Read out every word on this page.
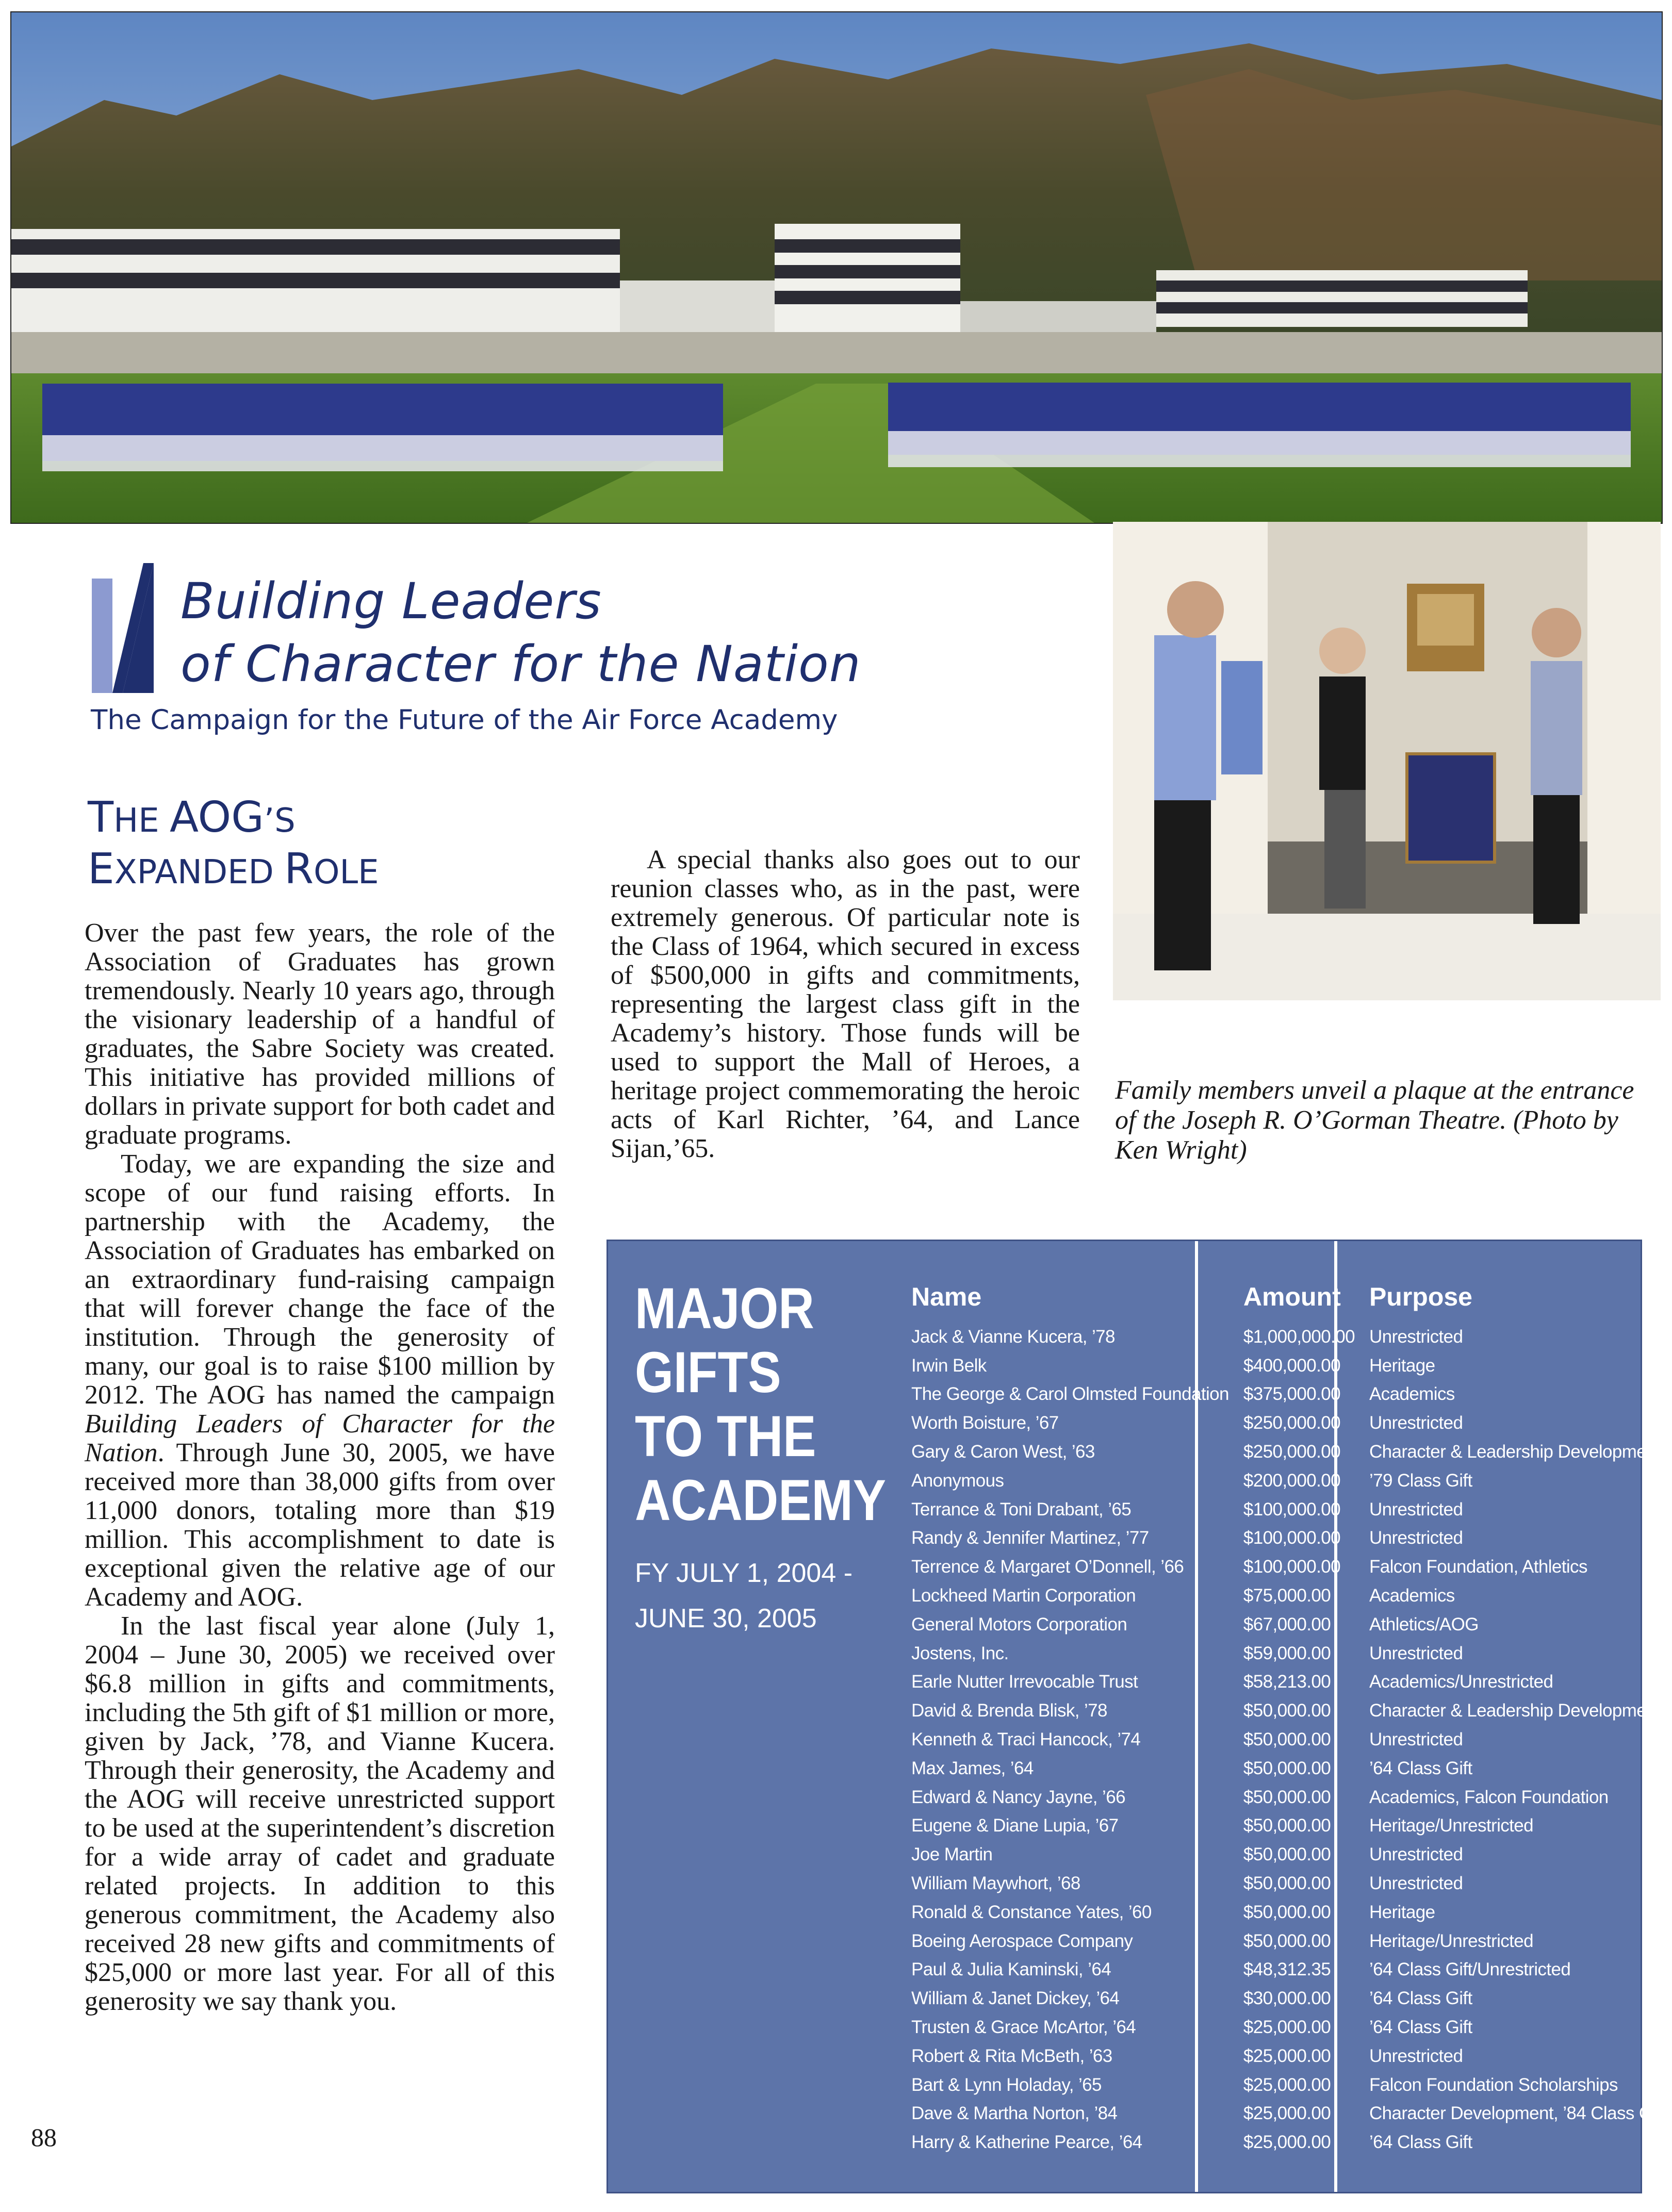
Building Leaders
of Character for the Nation
The Campaign for the Future of the Air Force Academy
THE AOG’S
EXPANDED ROLE

Over the past few years, the role of the Association of Graduates has grown tremendously. Nearly 10 years ago, through the visionary leadership of a handful of graduates, the Sabre Society was created. This initiative has provided millions of dollars in private support for both cadet and graduate programs.

Today, we are expanding the size and scope of our fund raising efforts. In partnership with the Academy, the Association of Graduates has embarked on an extraordinary fund-raising campaign that will forever change the face of the institution. Through the generosity of many, our goal is to raise $100 million by 2012. The AOG has named the campaign Building Leaders of Character for the Nation. Through June 30, 2005, we have received more than 38,000 gifts from over 11,000 donors, totaling more than $19 million. This accomplishment to date is exceptional given the relative age of our Academy and AOG.

In the last fiscal year alone (July 1, 2004 – June 30, 2005) we received over $6.8 million in gifts and commitments, including the 5th gift of $1 million or more, given by Jack, ’78, and Vianne Kucera. Through their generosity, the Academy and the AOG will receive unrestricted support to be used at the superintendent’s discretion for a wide array of cadet and graduate related projects. In addition to this generous commitment, the Academy also received 28 new gifts and commitments of $25,000 or more last year. For all of this generosity we say thank you.

A special thanks also goes out to our reunion classes who, as in the past, were extremely generous. Of particular note is the Class of 1964, which secured in excess of $500,000 in gifts and commitments, representing the largest class gift in the Academy’s history. Those funds will be used to support the Mall of Heroes, a heritage project commemorating the heroic acts of Karl Richter, ’64, and Lance Sijan,’65.

Family members unveil a plaque at the entrance of the Joseph R. O’Gorman Theatre. (Photo by Ken Wright)
88
MAJOR
GIFTS
TO THE
ACADEMY
FY JULY 1, 2004 -
JUNE 30, 2005
Name	Amount	Purpose
Jack & Vianne Kucera, ’78	$1,000,000.00	Unrestricted
Irwin Belk	$400,000.00	Heritage
The George & Carol Olmsted Foundation	$375,000.00	Academics
Worth Boisture, ’67	$250,000.00	Unrestricted
Gary & Caron West, ’63	$250,000.00	Character & Leadership Development
Anonymous	$200,000.00	’79 Class Gift
Terrance & Toni Drabant, ’65	$100,000.00	Unrestricted
Randy & Jennifer Martinez, ’77	$100,000.00	Unrestricted
Terrence & Margaret O’Donnell, ’66	$100,000.00	Falcon Foundation, Athletics
Lockheed Martin Corporation	$75,000.00	Academics
General Motors Corporation	$67,000.00	Athletics/AOG
Jostens, Inc.	$59,000.00	Unrestricted
Earle Nutter Irrevocable Trust	$58,213.00	Academics/Unrestricted
David & Brenda Blisk, ’78	$50,000.00	Character & Leadership Development
Kenneth & Traci Hancock, ’74	$50,000.00	Unrestricted
Max James, ’64	$50,000.00	’64 Class Gift
Edward & Nancy Jayne, ’66	$50,000.00	Academics, Falcon Foundation
Eugene & Diane Lupia, ’67	$50,000.00	Heritage/Unrestricted
Joe Martin	$50,000.00	Unrestricted
William Maywhort, ’68	$50,000.00	Unrestricted
Ronald & Constance Yates, ’60	$50,000.00	Heritage
Boeing Aerospace Company	$50,000.00	Heritage/Unrestricted
Paul & Julia Kaminski, ’64	$48,312.35	’64 Class Gift/Unrestricted
William & Janet Dickey, ’64	$30,000.00	’64 Class Gift
Trusten & Grace McArtor, ’64	$25,000.00	’64 Class Gift
Robert & Rita McBeth, ’63	$25,000.00	Unrestricted
Bart & Lynn Holaday, ’65	$25,000.00	Falcon Foundation Scholarships
Dave & Martha Norton, ’84	$25,000.00	Character Development, ’84 Class Gift
Harry & Katherine Pearce, ’64	$25,000.00	’64 Class Gift
